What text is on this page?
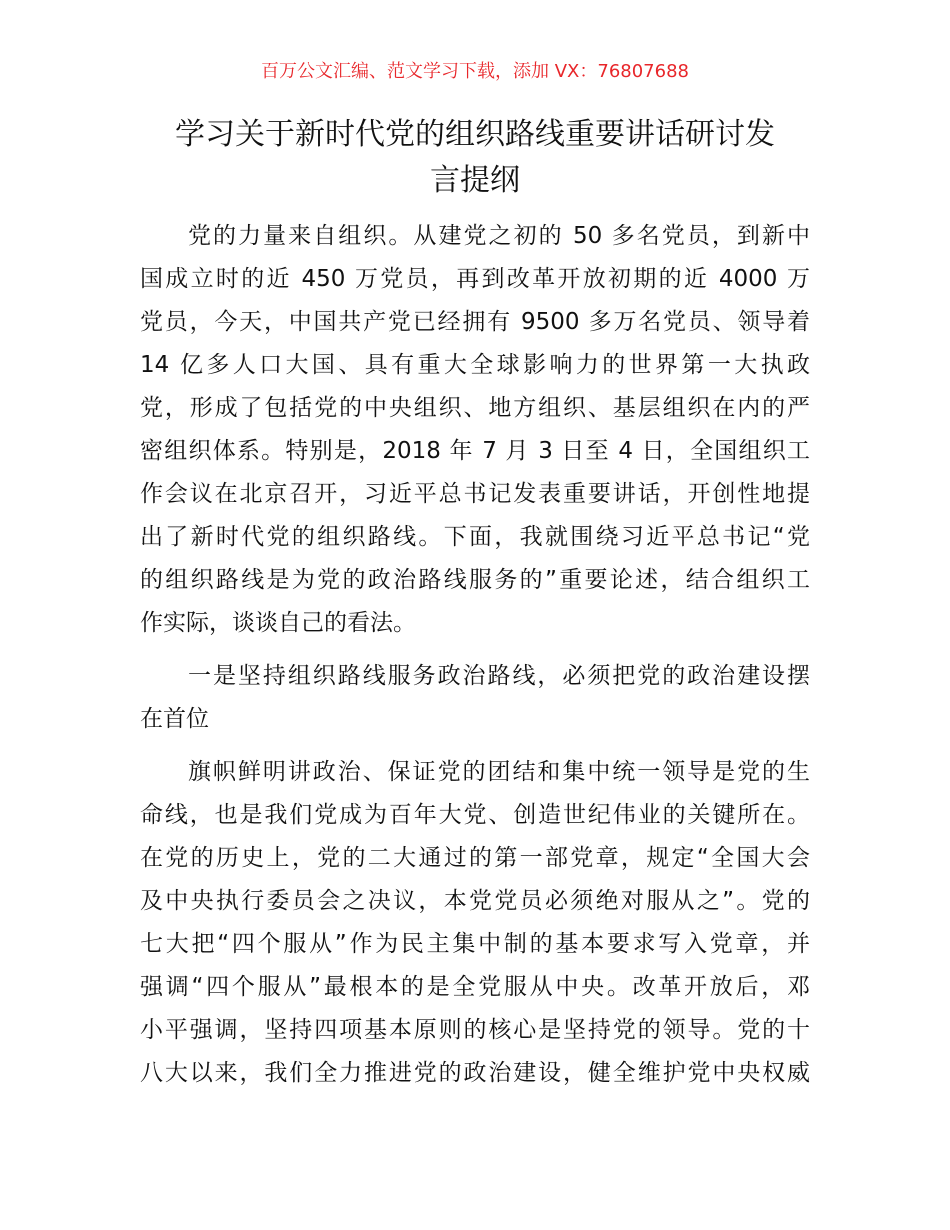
百万公文汇编、范文学习下载，添加 VX：76807688
学习关于新时代党的组织路线重要讲话研讨发
言提纲
党的力量来自组织。从建党之初的 50 多名党员，到新中
国成立时的近 450 万党员，再到改革开放初期的近 4000 万
党员，今天，中国共产党已经拥有 9500 多万名党员、领导着
14 亿多人口大国、具有重大全球影响力的世界第一大执政
党，形成了包括党的中央组织、地方组织、基层组织在内的严
密组织体系。特别是，2018 年 7 月 3 日至 4 日，全国组织工
作会议在北京召开，习近平总书记发表重要讲话，开创性地提
出了新时代党的组织路线。下面，我就围绕习近平总书记“党
的组织路线是为党的政治路线服务的”重要论述，结合组织工
作实际，谈谈自己的看法。
一是坚持组织路线服务政治路线，必须把党的政治建设摆
在首位
旗帜鲜明讲政治、保证党的团结和集中统一领导是党的生
命线，也是我们党成为百年大党、创造世纪伟业的关键所在。
在党的历史上，党的二大通过的第一部党章，规定“全国大会
及中央执行委员会之决议，本党党员必须绝对服从之”。党的
七大把“四个服从”作为民主集中制的基本要求写入党章，并
强调“四个服从”最根本的是全党服从中央。改革开放后，邓
小平强调，坚持四项基本原则的核心是坚持党的领导。党的十
八大以来，我们全力推进党的政治建设，健全维护党中央权威
